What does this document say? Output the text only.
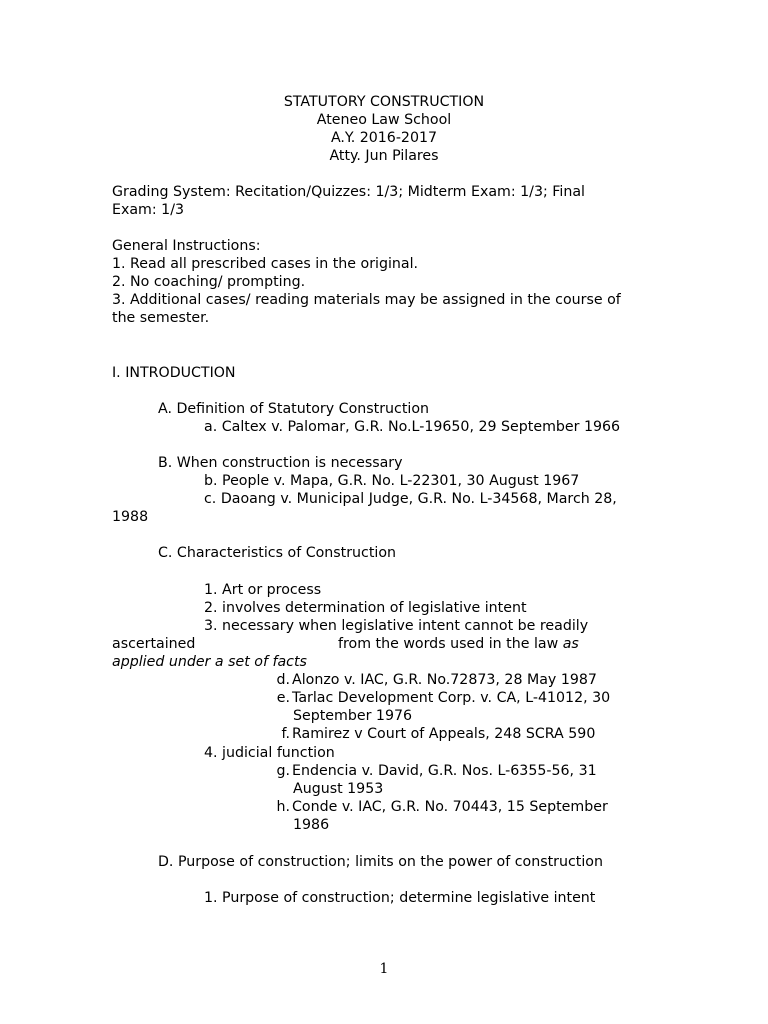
STATUTORY CONSTRUCTION
Ateneo Law School
A.Y. 2016-2017
Atty. Jun Pilares
Grading System: Recitation/Quizzes: 1/3; Midterm Exam: 1/3; Final
Exam: 1/3
General Instructions:
1. Read all prescribed cases in the original.
2. No coaching/ prompting.
3. Additional cases/ reading materials may be assigned in the course of
the semester.
I. INTRODUCTION
A. Definition of Statutory Construction
a. Caltex v. Palomar, G.R. No.L-19650, 29 September 1966
B. When construction is necessary
b. People v. Mapa, G.R. No. L-22301, 30 August 1967
c. Daoang v. Municipal Judge, G.R. No. L-34568, March 28,
1988
C. Characteristics of Construction
1. Art or process
2. involves determination of legislative intent
3. necessary when legislative intent cannot be readily
ascertained	from the words used in the law as
applied under a set of facts
d. Alonzo v. IAC, G.R. No.72873, 28 May 1987
e. Tarlac Development Corp. v. CA, L-41012, 30
September 1976
f. Ramirez v Court of Appeals, 248 SCRA 590
4. judicial function
g. Endencia v. David, G.R. Nos. L-6355-56, 31
August 1953
h. Conde v. IAC, G.R. No. 70443, 15 September
1986
D. Purpose of construction; limits on the power of construction
1. Purpose of construction; determine legislative intent
1
